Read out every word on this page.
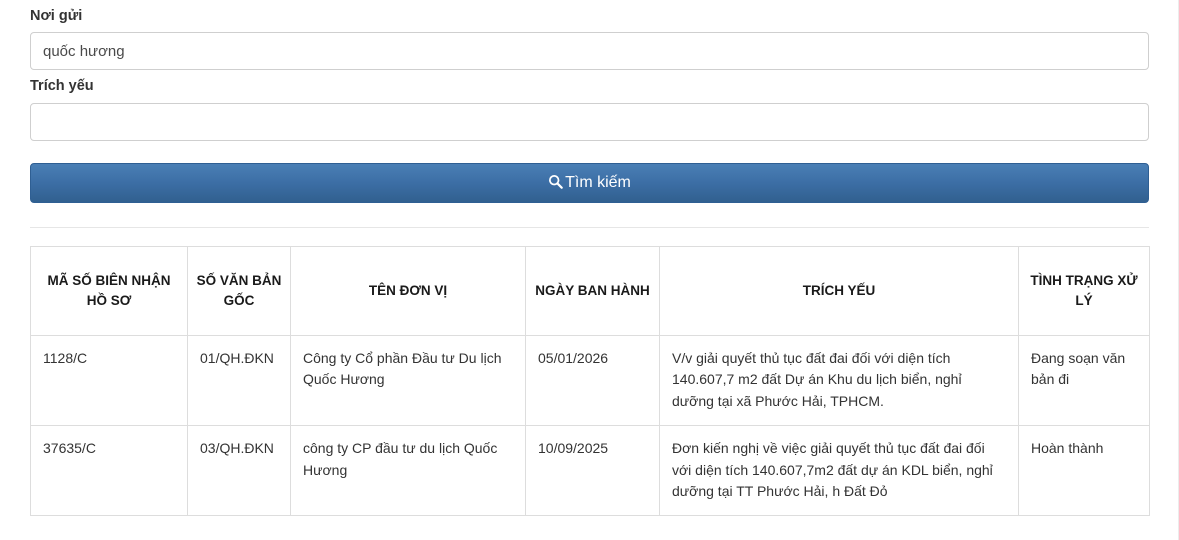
Nơi gửi
quốc hương
Trích yếu
Tìm kiếm
MÃ SỐ BIÊN NHẬN HỒ SƠ	SỐ VĂN BẢN GỐC	TÊN ĐƠN VỊ	NGÀY BAN HÀNH	TRÍCH YẾU	TÌNH TRẠNG XỬ LÝ
1128/C	01/QH.ĐKN	Công ty Cổ phần Đầu tư Du lịch Quốc Hương	05/01/2026	V/v giải quyết thủ tục đất đai đối với diện tích 140.607,7 m2 đất Dự án Khu du lịch biển, nghỉ dưỡng tại xã Phước Hải, TPHCM.	Đang soạn văn bản đi
37635/C	03/QH.ĐKN	công ty CP đầu tư du lịch Quốc Hương	10/09/2025	Đơn kiến nghị về việc giải quyết thủ tục đất đai đối với diện tích 140.607,7m2 đất dự án KDL biển, nghỉ dưỡng tại TT Phước Hải, h Đất Đỏ	Hoàn thành
